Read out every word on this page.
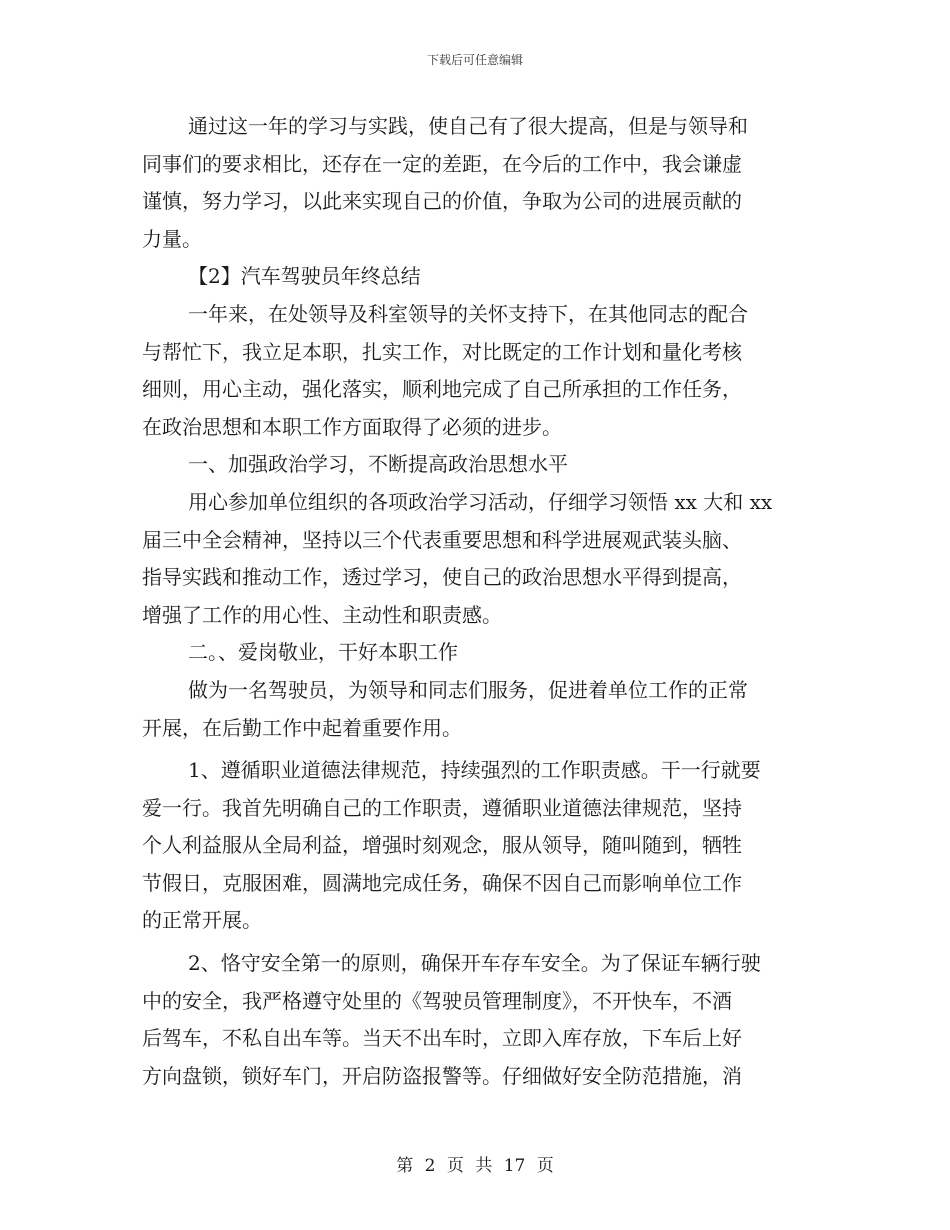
下载后可任意编辑
通过这一年的学习与实践，使自己有了很大提高，但是与领导和
同事们的要求相比，还存在一定的差距，在今后的工作中，我会谦虚
谨慎，努力学习，以此来实现自己的价值，争取为公司的进展贡献的
力量。
【2】汽车驾驶员年终总结
一年来，在处领导及科室领导的关怀支持下，在其他同志的配合
与帮忙下，我立足本职，扎实工作，对比既定的工作计划和量化考核
细则，用心主动，强化落实，顺利地完成了自己所承担的工作任务，
在政治思想和本职工作方面取得了必须的进步。
一、加强政治学习，不断提高政治思想水平
用心参加单位组织的各项政治学习活动，仔细学习领悟 xx 大和 xx
届三中全会精神，坚持以三个代表重要思想和科学进展观武装头脑、
指导实践和推动工作，透过学习，使自己的政治思想水平得到提高，
增强了工作的用心性、主动性和职责感。
二。、爱岗敬业，干好本职工作
做为一名驾驶员，为领导和同志们服务，促进着单位工作的正常
开展，在后勤工作中起着重要作用。
1、遵循职业道德法律规范，持续强烈的工作职责感。干一行就要
爱一行。我首先明确自己的工作职责，遵循职业道德法律规范，坚持
个人利益服从全局利益，增强时刻观念，服从领导，随叫随到，牺牲
节假日，克服困难，圆满地完成任务，确保不因自己而影响单位工作
的正常开展。
2、恪守安全第一的原则，确保开车存车安全。为了保证车辆行驶
中的安全，我严格遵守处里的《驾驶员管理制度》，不开快车，不酒
后驾车，不私自出车等。当天不出车时，立即入库存放，下车后上好
方向盘锁，锁好车门，开启防盗报警等。仔细做好安全防范措施，消
第 2 页 共 17 页
